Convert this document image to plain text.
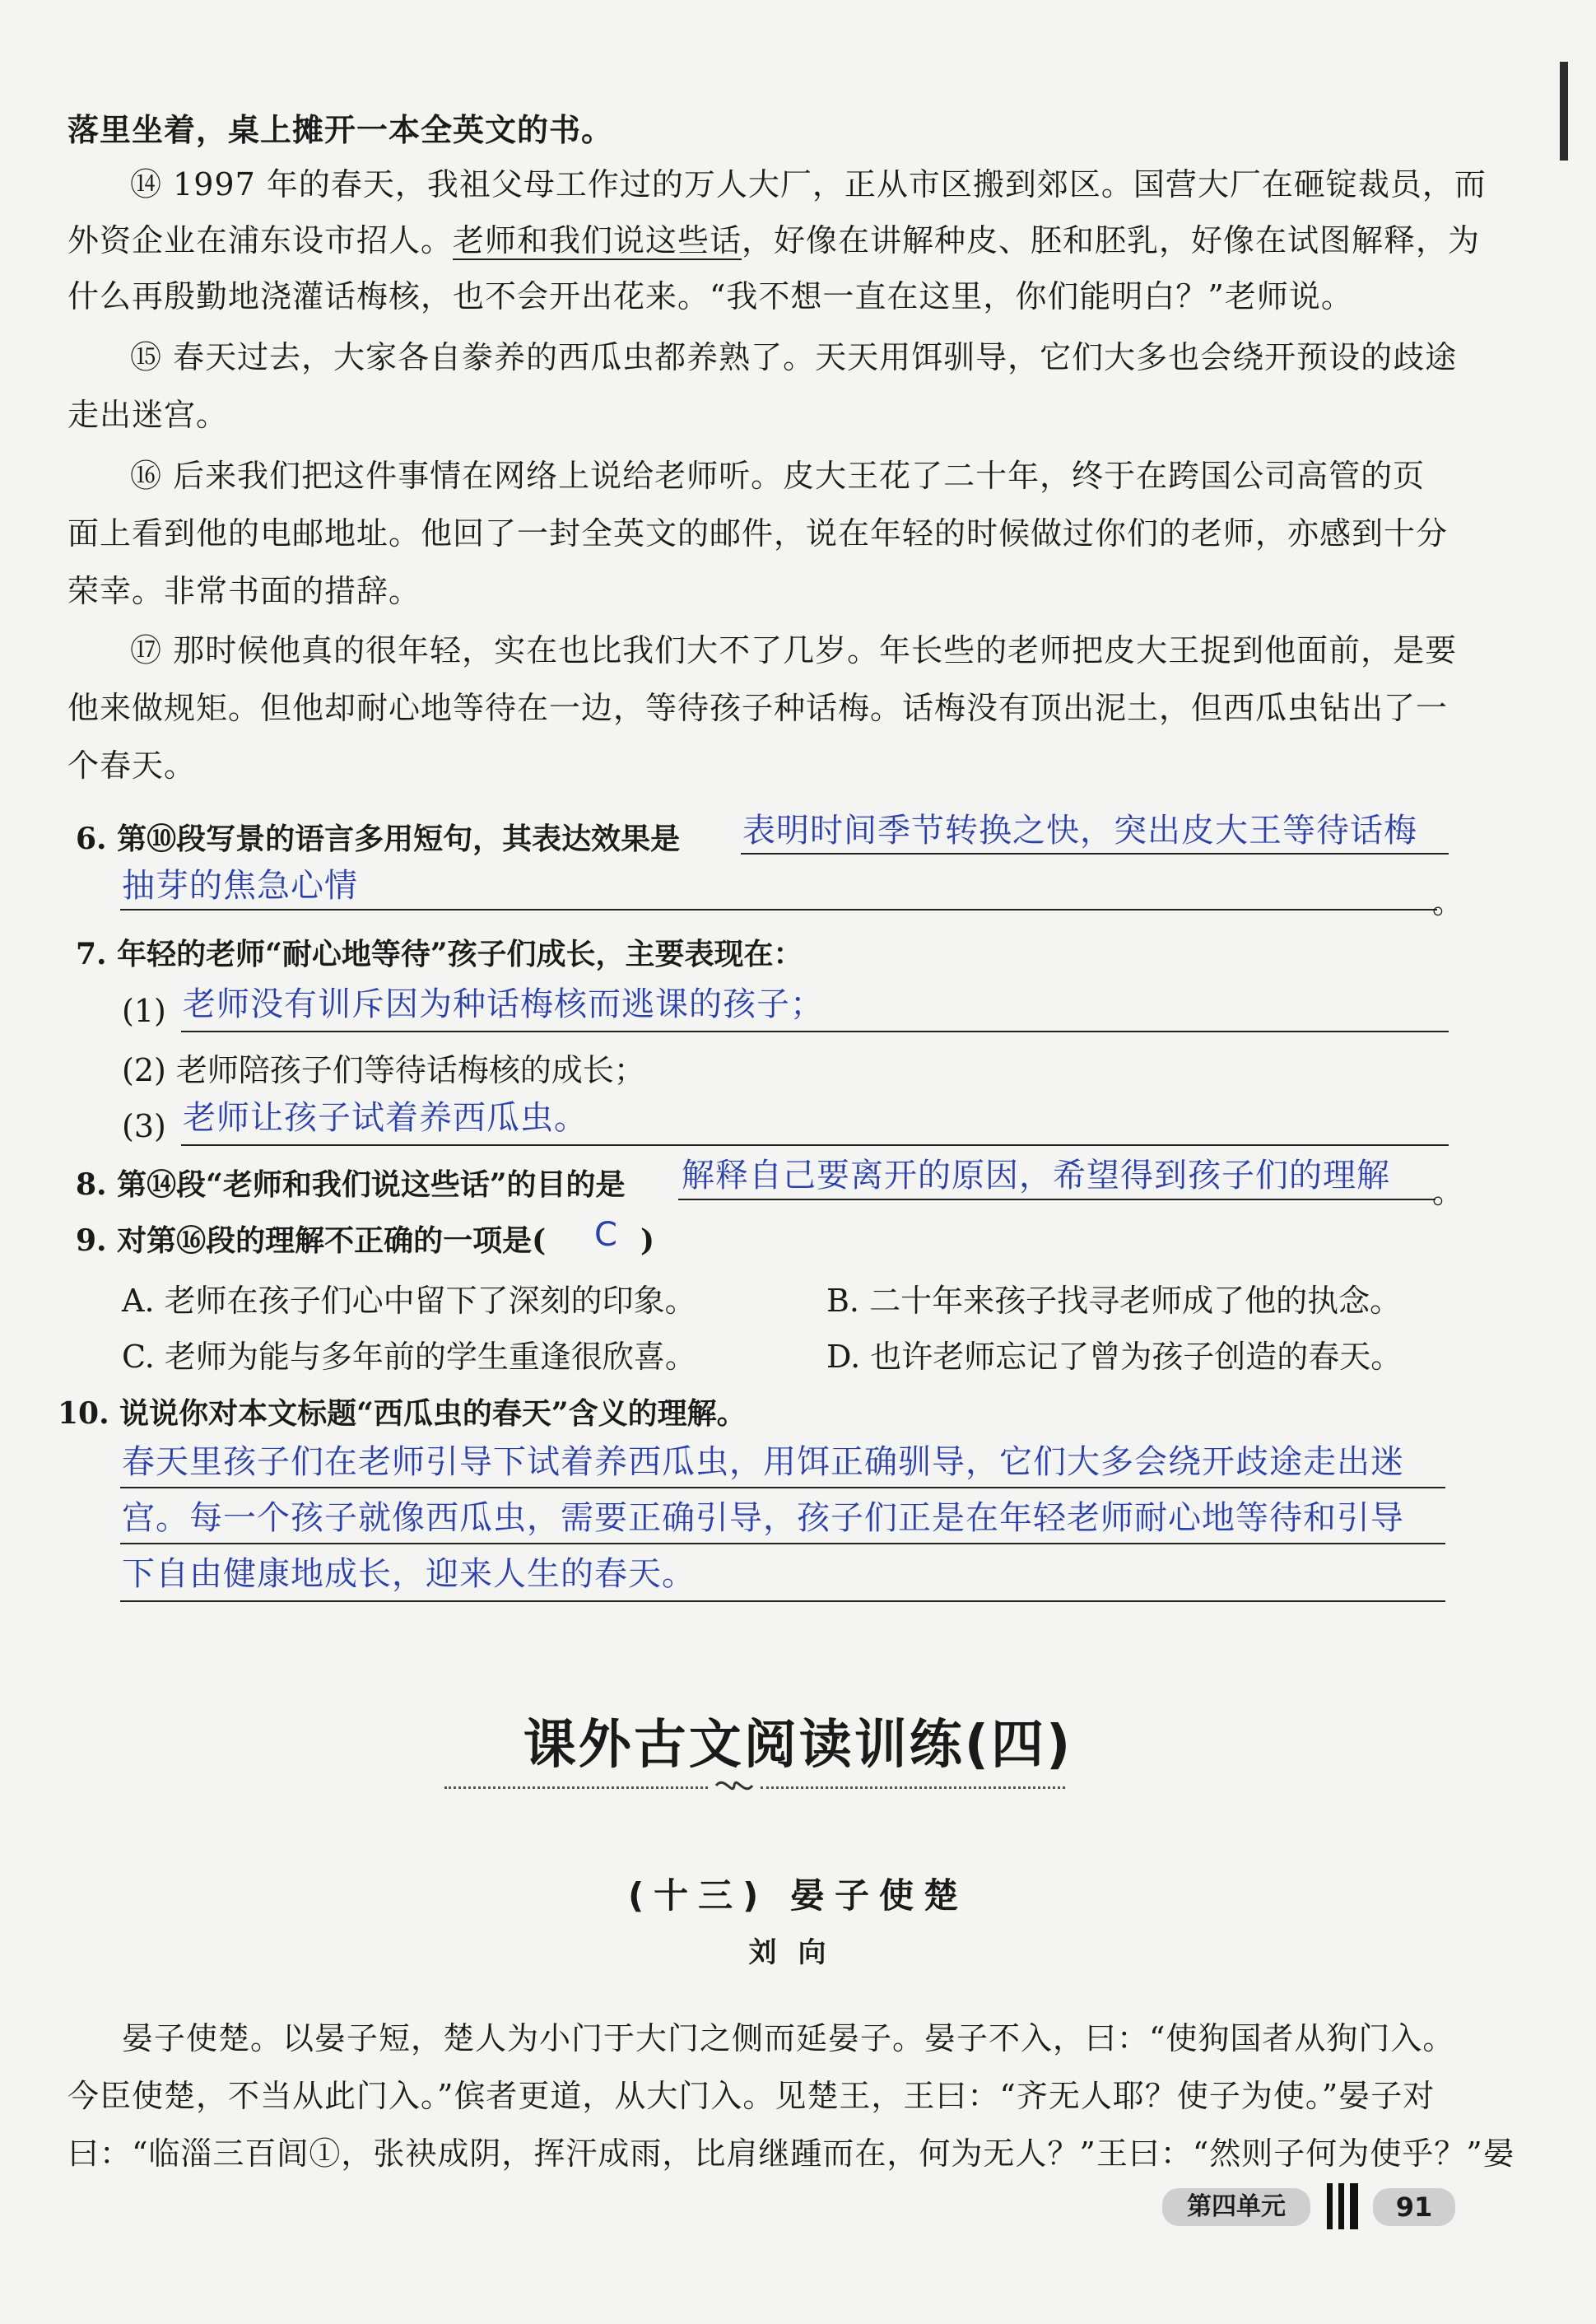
落里坐着，桌上摊开一本全英文的书。
⑭ 1997 年的春天，我祖父母工作过的万人大厂，正从市区搬到郊区。国营大厂在砸锭裁员，而
外资企业在浦东设市招人。老师和我们说这些话，好像在讲解种皮、胚和胚乳，好像在试图解释，为
什么再殷勤地浇灌话梅核，也不会开出花来。“我不想一直在这里，你们能明白？”老师说。
⑮ 春天过去，大家各自豢养的西瓜虫都养熟了。天天用饵驯导，它们大多也会绕开预设的歧途
走出迷宫。
⑯ 后来我们把这件事情在网络上说给老师听。皮大王花了二十年，终于在跨国公司高管的页
面上看到他的电邮地址。他回了一封全英文的邮件，说在年轻的时候做过你们的老师，亦感到十分
荣幸。非常书面的措辞。
⑰ 那时候他真的很年轻，实在也比我们大不了几岁。年长些的老师把皮大王捉到他面前，是要
他来做规矩。但他却耐心地等待在一边，等待孩子种话梅。话梅没有顶出泥土，但西瓜虫钻出了一
个春天。
6. 第⑩段写景的语言多用短句，其表达效果是 表明时间季节转换之快，突出皮大王等待话梅
抽芽的焦急心情	。
7. 年轻的老师“耐心地等待”孩子们成长，主要表现在：
(1) 老师没有训斥因为种话梅核而逃课的孩子；
(2) 老师陪孩子们等待话梅核的成长；
(3) 老师让孩子试着养西瓜虫。
8. 第⑭段“老师和我们说这些话”的目的是 解释自己要离开的原因，希望得到孩子们的理解 。
9. 对第⑯段的理解不正确的一项是( C )
A. 老师在孩子们心中留下了深刻的印象。	B. 二十年来孩子找寻老师成了他的执念。
C. 老师为能与多年前的学生重逢很欣喜。	D. 也许老师忘记了曾为孩子创造的春天。
10. 说说你对本文标题“西瓜虫的春天”含义的理解。
春天里孩子们在老师引导下试着养西瓜虫，用饵正确驯导，它们大多会绕开歧途走出迷
宫。每一个孩子就像西瓜虫，需要正确引导，孩子们正是在年轻老师耐心地等待和引导
下自由健康地成长，迎来人生的春天。
课外古文阅读训练(四)
(十三) 晏子使楚
刘向
晏子使楚。以晏子短，楚人为小门于大门之侧而延晏子。晏子不入，曰：“使狗国者从狗门入。
今臣使楚，不当从此门入。”傧者更道，从大门入。见楚王，王曰：“齐无人耶？使子为使。”晏子对
曰：“临淄三百闾①，张袂成阴，挥汗成雨，比肩继踵而在，何为无人？”王曰：“然则子何为使乎？”晏
第四单元	91
